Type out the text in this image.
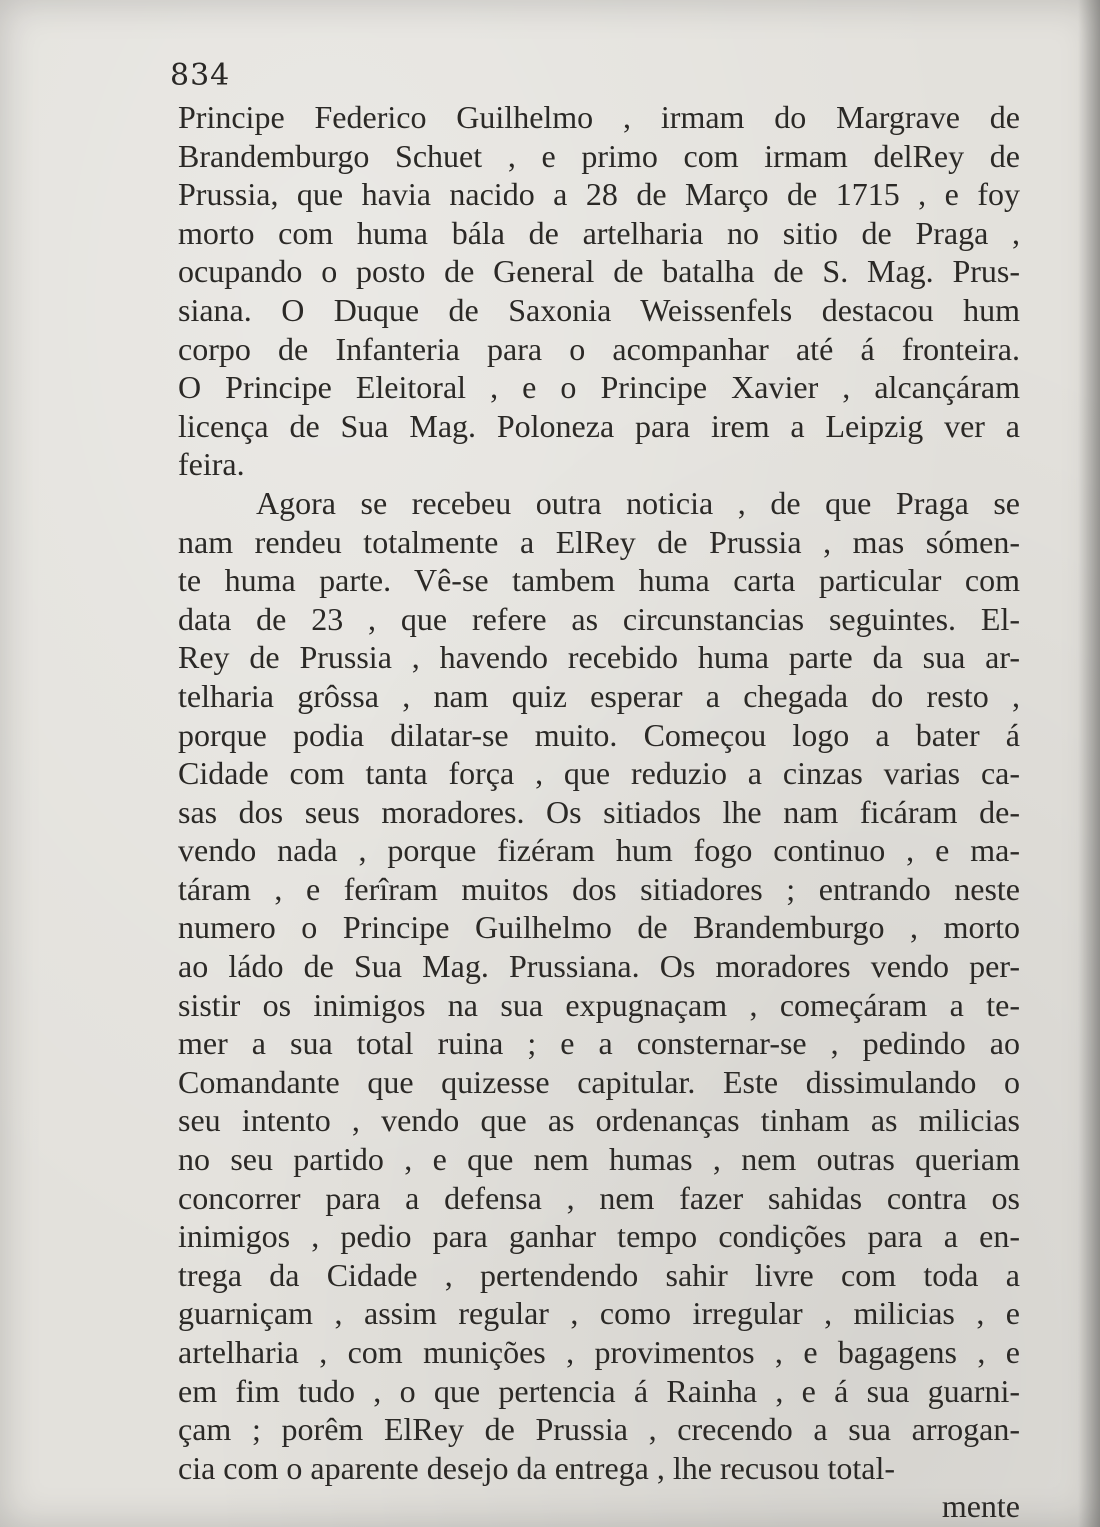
834
Principe Federico Guilhelmo , irmam do Margrave de
Brandemburgo Schuet , e primo com irmam delRey de
Prussia, que havia nacido a 28 de Março de 1715 , e foy
morto com huma bála de artelharia no sitio de Praga ,
ocupando o posto de General de batalha de S. Mag. Prus-
siana. O Duque de Saxonia Weissenfels destacou hum
corpo de Infanteria para o acompanhar até á fronteira.
O Principe Eleitoral , e o Principe Xavier , alcançáram
licença de Sua Mag. Poloneza para irem a Leipzig ver a
feira.
Agora se recebeu outra noticia , de que Praga se
nam rendeu totalmente a ElRey de Prussia , mas sómen-
te huma parte. Vê-se tambem huma carta particular com
data de 23 , que refere as circunstancias seguintes. El-
Rey de Prussia , havendo recebido huma parte da sua ar-
telharia grôssa , nam quiz esperar a chegada do resto ,
porque podia dilatar-se muito. Começou logo a bater á
Cidade com tanta força , que reduzio a cinzas varias ca-
sas dos seus moradores. Os sitiados lhe nam ficáram de-
vendo nada , porque fizéram hum fogo continuo , e ma-
táram , e ferîram muitos dos sitiadores ; entrando neste
numero o Principe Guilhelmo de Brandemburgo , morto
ao ládo de Sua Mag. Prussiana. Os moradores vendo per-
sistir os inimigos na sua expugnaçam , começáram a te-
mer a sua total ruina ; e a consternar-se , pedindo ao
Comandante que quizesse capitular. Este dissimulando o
seu intento , vendo que as ordenanças tinham as milicias
no seu partido , e que nem humas , nem outras queriam
concorrer para a defensa , nem fazer sahidas contra os
inimigos , pedio para ganhar tempo condições para a en-
trega da Cidade , pertendendo sahir livre com toda a
guarniçam , assim regular , como irregular , milicias , e
artelharia , com munições , provimentos , e bagagens , e
em fim tudo , o que pertencia á Rainha , e á sua guarni-
çam ; porêm ElRey de Prussia , crecendo a sua arrogan-
cia com o aparente desejo da entrega , lhe recusou total-
mente
